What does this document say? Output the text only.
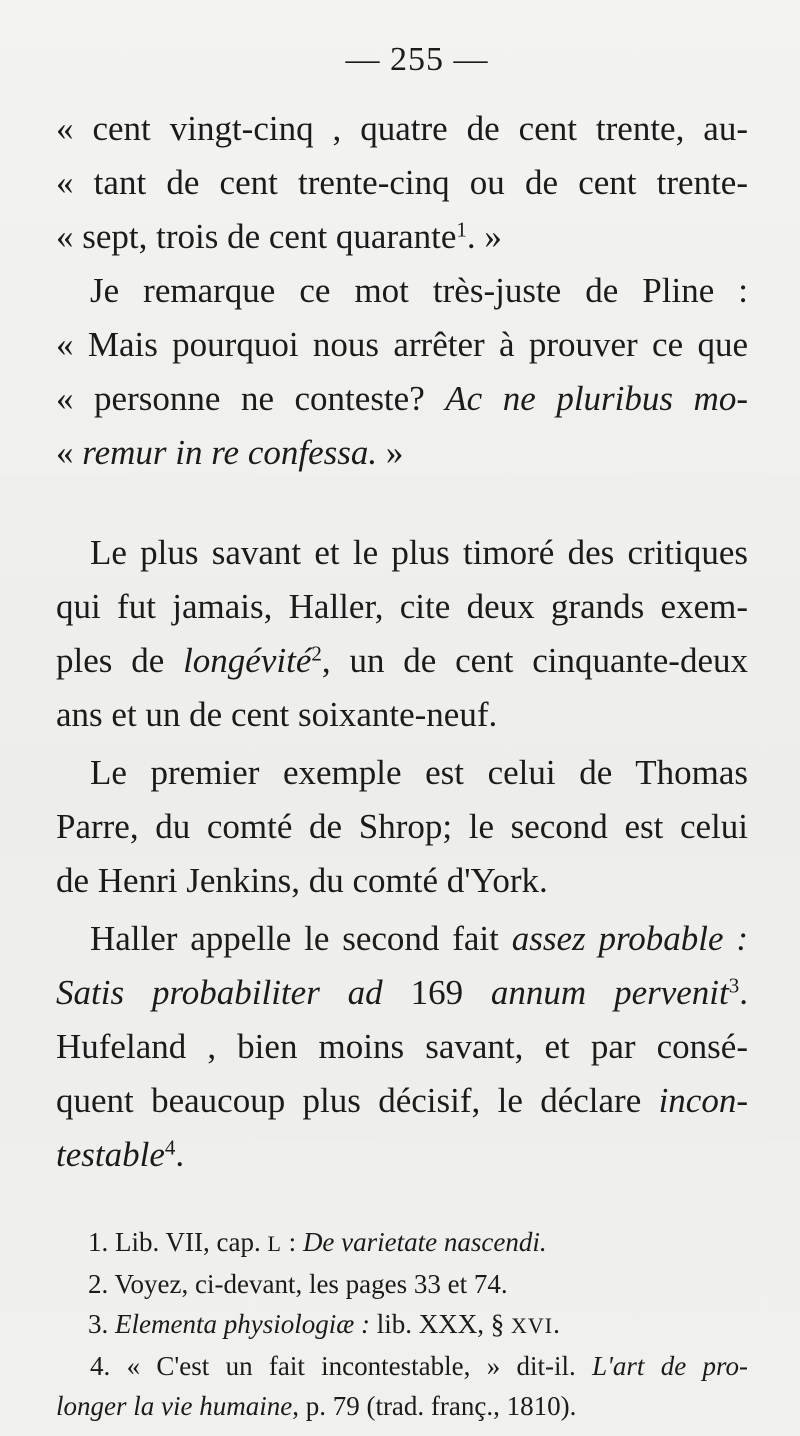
— 255 —
« cent vingt-cinq , quatre de cent trente, au-
« tant de cent trente-cinq ou de cent trente-
« sept, trois de cent quarante$^1$. »
Je remarque ce mot très-juste de Pline :
« Mais pourquoi nous arrêter à prouver ce que
« personne ne conteste? Ac ne pluribus mo-
« remur in re confessa. »
Le plus savant et le plus timoré des critiques
qui fut jamais, Haller, cite deux grands exem-
ples de longévité$^2$, un de cent cinquante-deux
ans et un de cent soixante-neuf.
Le premier exemple est celui de Thomas
Parre, du comté de Shrop; le second est celui
de Henri Jenkins, du comté d'York.
Haller appelle le second fait assez probable :
Satis probabiliter ad 169 annum pervenit$^3$.
Hufeland , bien moins savant, et par consé-
quent beaucoup plus décisif, le déclare incon-
testable$^4$.
1. Lib. VII, cap. L : De varietate nascendi.
2. Voyez, ci-devant, les pages 33 et 74.
3. Elementa physiologiæ : lib. XXX, § XVI.
4. « C'est un fait incontestable, » dit-il. L'art de pro-
longer la vie humaine, p. 79 (trad. franç., 1810).
